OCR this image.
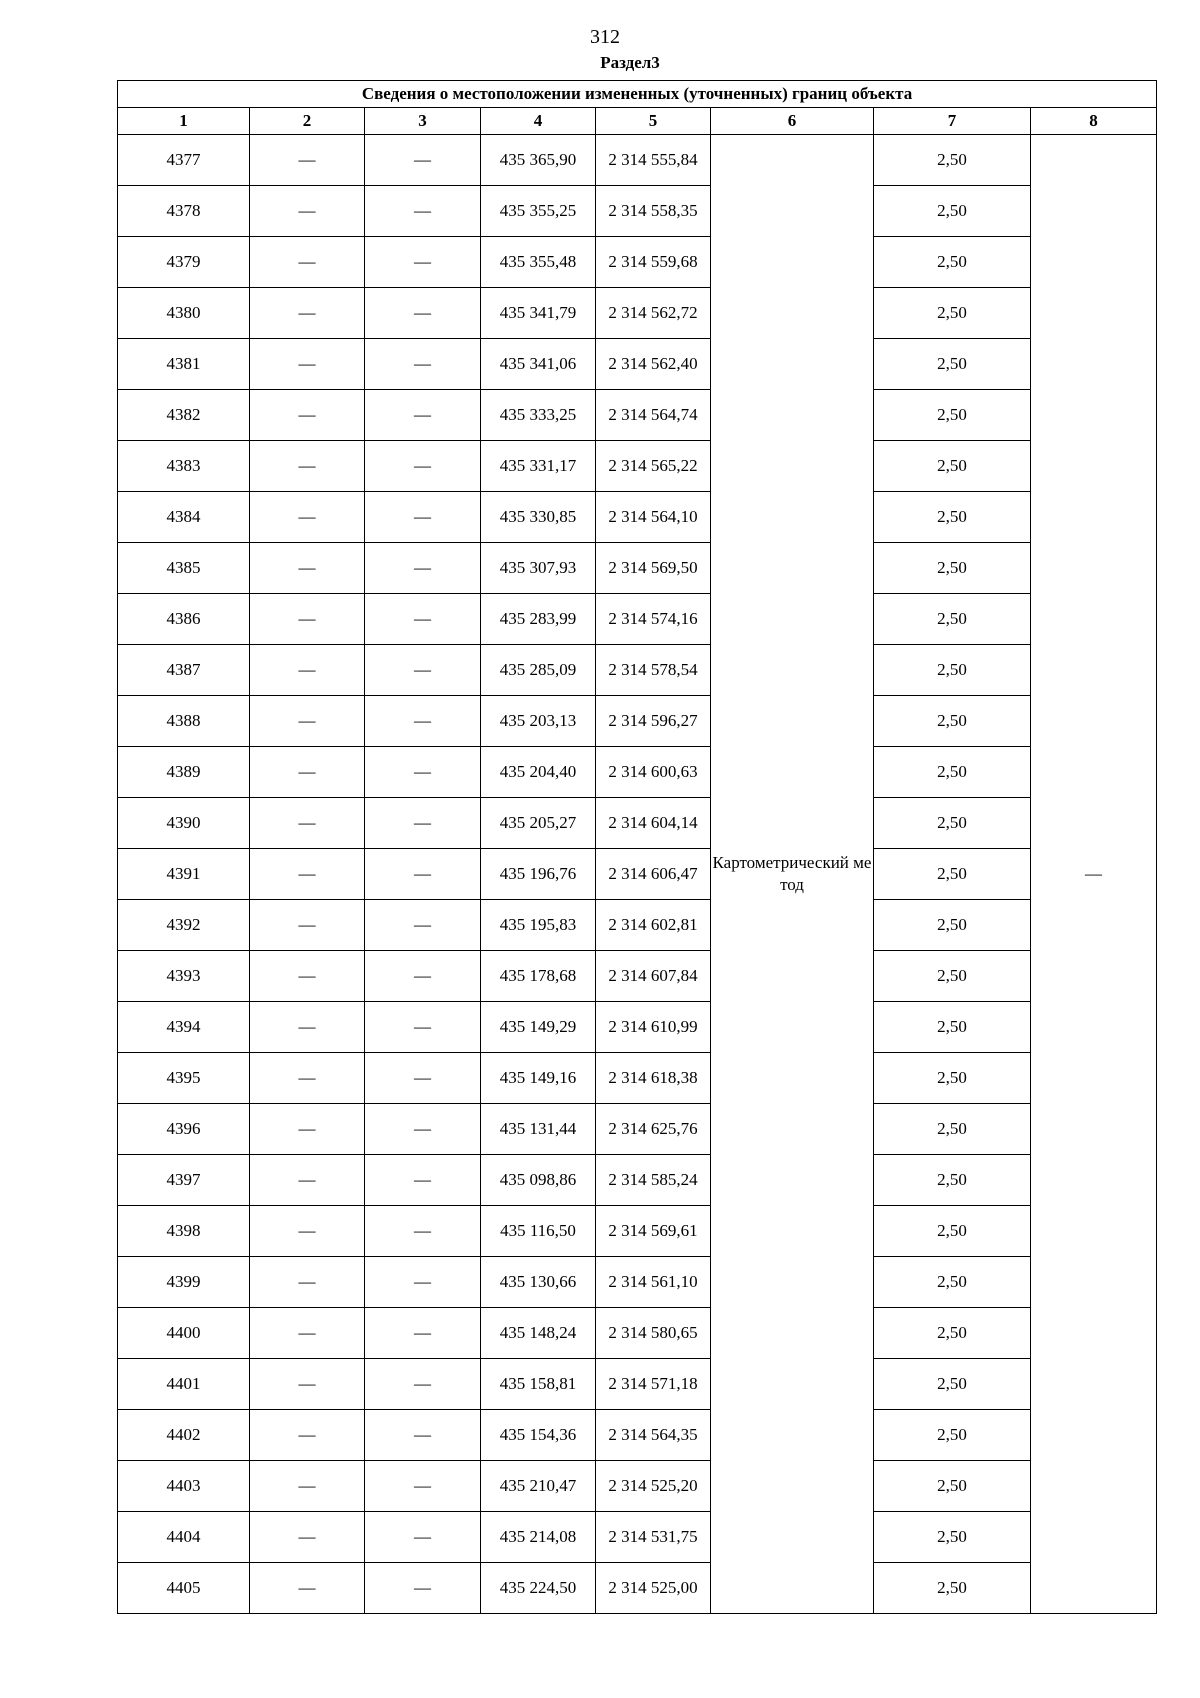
312
Раздел3
Сведения о местоположении измененных (уточненных) границ объекта							
1	2	3	4	5	6	7	8
4377	—	—	435 365,90	2 314 555,84	Картометрический метод	2,50	—
4378	—	—	435 355,25	2 314 558,35		2,50	
4379	—	—	435 355,48	2 314 559,68		2,50	
4380	—	—	435 341,79	2 314 562,72		2,50	
4381	—	—	435 341,06	2 314 562,40		2,50	
4382	—	—	435 333,25	2 314 564,74		2,50	
4383	—	—	435 331,17	2 314 565,22		2,50	
4384	—	—	435 330,85	2 314 564,10		2,50	
4385	—	—	435 307,93	2 314 569,50		2,50	
4386	—	—	435 283,99	2 314 574,16		2,50	
4387	—	—	435 285,09	2 314 578,54		2,50	
4388	—	—	435 203,13	2 314 596,27		2,50	
4389	—	—	435 204,40	2 314 600,63		2,50	
4390	—	—	435 205,27	2 314 604,14		2,50	
4391	—	—	435 196,76	2 314 606,47		2,50	
4392	—	—	435 195,83	2 314 602,81		2,50	
4393	—	—	435 178,68	2 314 607,84		2,50	
4394	—	—	435 149,29	2 314 610,99		2,50	
4395	—	—	435 149,16	2 314 618,38		2,50	
4396	—	—	435 131,44	2 314 625,76		2,50	
4397	—	—	435 098,86	2 314 585,24		2,50	
4398	—	—	435 116,50	2 314 569,61		2,50	
4399	—	—	435 130,66	2 314 561,10		2,50	
4400	—	—	435 148,24	2 314 580,65		2,50	
4401	—	—	435 158,81	2 314 571,18		2,50	
4402	—	—	435 154,36	2 314 564,35		2,50	
4403	—	—	435 210,47	2 314 525,20		2,50	
4404	—	—	435 214,08	2 314 531,75		2,50	
4405	—	—	435 224,50	2 314 525,00		2,50	
